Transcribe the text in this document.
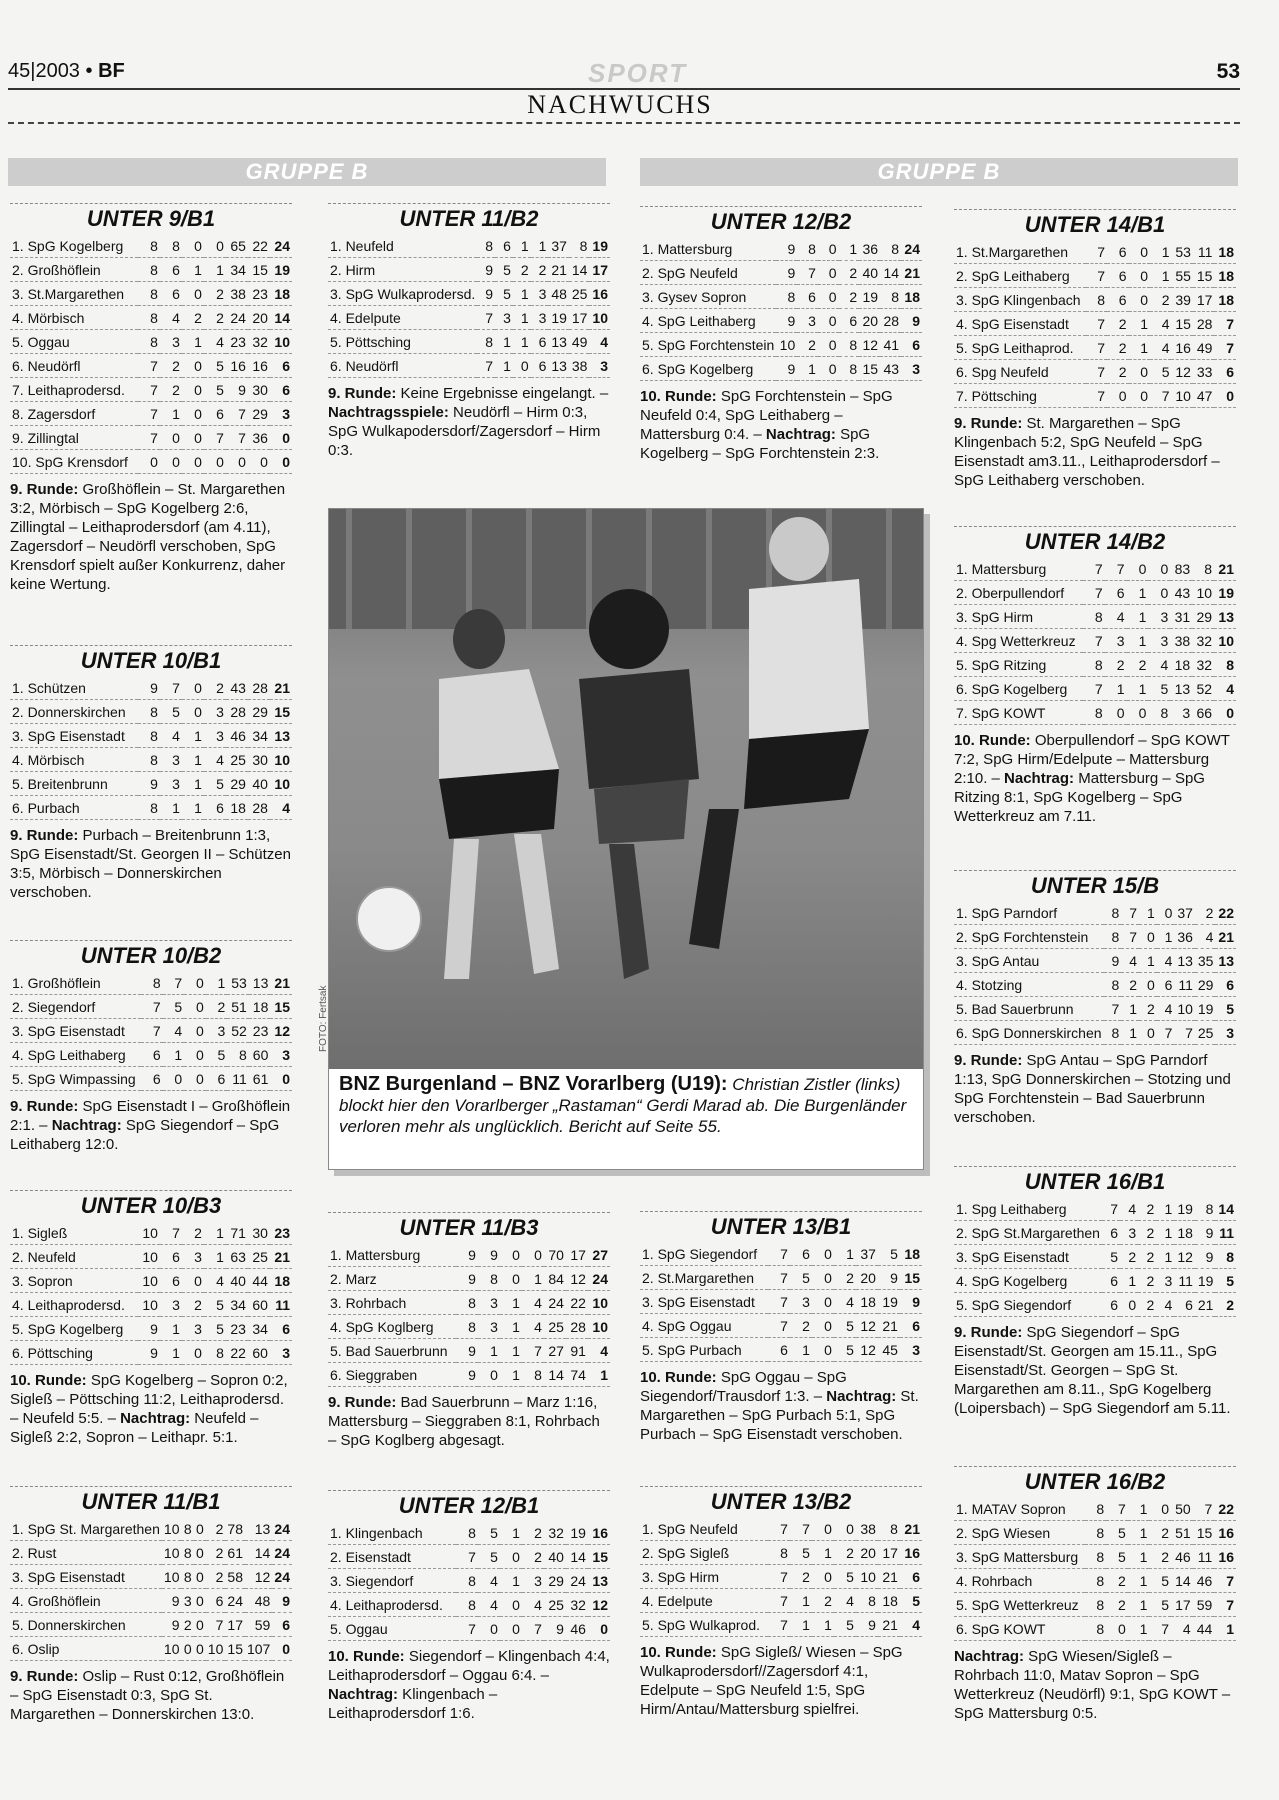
45|2003 • BF	SPORT	53
NACHWUCHS
GRUPPE B	GRUPPE B
UNTER 9/B1
1. SpG Kogelberg	8	8	0	0	65	22	24
2. Großhöflein	8	6	1	1	34	15	19
3. St.Margarethen	8	6	0	2	38	23	18
4. Mörbisch	8	4	2	2	24	20	14
5. Oggau	8	3	1	4	23	32	10
6. Neudörfl	7	2	0	5	16	16	6
7. Leithaprodersd.	7	2	0	5	9	30	6
8. Zagersdorf	7	1	0	6	7	29	3
9. Zillingtal	7	0	0	7	7	36	0
10. SpG Krensdorf	0	0	0	0	0	0	0
9. Runde: Großhöflein – St. Margarethen 3:2, Mörbisch – SpG Kogelberg 2:6, Zillingtal – Leithaprodersdorf (am 4.11), Zagersdorf – Neudörfl verschoben, SpG Krensdorf spielt außer Konkurrenz, daher keine Wertung.
UNTER 10/B1
1. Schützen	9	7	0	2	43	28	21
2. Donnerskirchen	8	5	0	3	28	29	15
3. SpG Eisenstadt	8	4	1	3	46	34	13
4. Mörbisch	8	3	1	4	25	30	10
5. Breitenbrunn	9	3	1	5	29	40	10
6. Purbach	8	1	1	6	18	28	4
9. Runde: Purbach – Breitenbrunn 1:3, SpG Eisenstadt/St. Georgen II – Schützen 3:5, Mörbisch – Donnerskirchen verschoben.
UNTER 10/B2
1. Großhöflein	8	7	0	1	53	13	21
2. Siegendorf	7	5	0	2	51	18	15
3. SpG Eisenstadt	7	4	0	3	52	23	12
4. SpG Leithaberg	6	1	0	5	8	60	3
5. SpG Wimpassing	6	0	0	6	11	61	0
9. Runde: SpG Eisenstadt I – Großhöflein 2:1. – Nachtrag: SpG Siegendorf – SpG Leithaberg 12:0.
UNTER 10/B3
1. Sigleß	10	7	2	1	71	30	23
2. Neufeld	10	6	3	1	63	25	21
3. Sopron	10	6	0	4	40	44	18
4. Leithaprodersd.	10	3	2	5	34	60	11
5. SpG Kogelberg	9	1	3	5	23	34	6
6. Pöttsching	9	1	0	8	22	60	3
10. Runde: SpG Kogelberg – Sopron 0:2, Sigleß – Pöttsching 11:2, Leithaprodersd. – Neufeld 5:5. – Nachtrag: Neufeld – Sigleß 2:2, Sopron – Leithapr. 5:1.
UNTER 11/B1
1. SpG St. Margarethen	10	8	0	2	78	13	24
2. Rust	10	8	0	2	61	14	24
3. SpG Eisenstadt	10	8	0	2	58	12	24
4. Großhöflein	9	3	0	6	24	48	9
5. Donnerskirchen	9	2	0	7	17	59	6
6. Oslip	10	0	0	10	15	107	0
9. Runde: Oslip – Rust 0:12, Großhöflein – SpG Eisenstadt 0:3, SpG St. Margarethen – Donnerskirchen 13:0.
UNTER 11/B2
1. Neufeld	8	6	1	1	37	8	19
2. Hirm	9	5	2	2	21	14	17
3. SpG Wulkaprodersd.	9	5	1	3	48	25	16
4. Edelpute	7	3	1	3	19	17	10
5. Pöttsching	8	1	1	6	13	49	4
6. Neudörfl	7	1	0	6	13	38	3
9. Runde: Keine Ergebnisse eingelangt. – Nachtragsspiele: Neudörfl – Hirm 0:3, SpG Wulkapodersdorf/Zagersdorf – Hirm 0:3.
UNTER 11/B3
1. Mattersburg	9	9	0	0	70	17	27
2. Marz	9	8	0	1	84	12	24
3. Rohrbach	8	3	1	4	24	22	10
4. SpG Koglberg	8	3	1	4	25	28	10
5. Bad Sauerbrunn	9	1	1	7	27	91	4
6. Sieggraben	9	0	1	8	14	74	1
9. Runde: Bad Sauerbrunn – Marz 1:16, Mattersburg – Sieggraben 8:1, Rohrbach – SpG Koglberg abgesagt.
UNTER 12/B1
1. Klingenbach	8	5	1	2	32	19	16
2. Eisenstadt	7	5	0	2	40	14	15
3. Siegendorf	8	4	1	3	29	24	13
4. Leithaprodersd.	8	4	0	4	25	32	12
5. Oggau	7	0	0	7	9	46	0
10. Runde: Siegendorf – Klingenbach 4:4, Leithaprodersdorf – Oggau 6:4. – Nachtrag: Klingenbach – Leithaprodersdorf 1:6.
UNTER 12/B2
1. Mattersburg	9	8	0	1	36	8	24
2. SpG Neufeld	9	7	0	2	40	14	21
3. Gysev Sopron	8	6	0	2	19	8	18
4. SpG Leithaberg	9	3	0	6	20	28	9
5. SpG Forchtenstein	10	2	0	8	12	41	6
6. SpG Kogelberg	9	1	0	8	15	43	3
10. Runde: SpG Forchtenstein – SpG Neufeld 0:4, SpG Leithaberg – Mattersburg 0:4. – Nachtrag: SpG Kogelberg – SpG Forchtenstein 2:3.
UNTER 13/B1
1. SpG Siegendorf	7	6	0	1	37	5	18
2. St.Margarethen	7	5	0	2	20	9	15
3. SpG Eisenstadt	7	3	0	4	18	19	9
4. SpG Oggau	7	2	0	5	12	21	6
5. SpG Purbach	6	1	0	5	12	45	3
10. Runde: SpG Oggau – SpG Siegendorf/Trausdorf 1:3. – Nachtrag: St. Margarethen – SpG Purbach 5:1, SpG Purbach – SpG Eisenstadt verschoben.
UNTER 13/B2
1. SpG Neufeld	7	7	0	0	38	8	21
2. SpG Sigleß	8	5	1	2	20	17	16
3. SpG Hirm	7	2	0	5	10	21	6
4. Edelpute	7	1	2	4	8	18	5
5. SpG Wulkaprod.	7	1	1	5	9	21	4
10. Runde: SpG Sigleß/ Wiesen – SpG Wulkaprodersdorf//Zagersdorf 4:1, Edelpute – SpG Neufeld 1:5, SpG Hirm/Antau/Mattersburg spielfrei.
UNTER 14/B1
1. St.Margarethen	7	6	0	1	53	11	18
2. SpG Leithaberg	7	6	0	1	55	15	18
3. SpG Klingenbach	8	6	0	2	39	17	18
4. SpG Eisenstadt	7	2	1	4	15	28	7
5. SpG Leithaprod.	7	2	1	4	16	49	7
6. Spg Neufeld	7	2	0	5	12	33	6
7. Pöttsching	7	0	0	7	10	47	0
9. Runde: St. Margarethen – SpG Klingenbach 5:2, SpG Neufeld – SpG Eisenstadt am3.11., Leithaprodersdorf – SpG Leithaberg verschoben.
UNTER 14/B2
1. Mattersburg	7	7	0	0	83	8	21
2. Oberpullendorf	7	6	1	0	43	10	19
3. SpG Hirm	8	4	1	3	31	29	13
4. Spg Wetterkreuz	7	3	1	3	38	32	10
5. SpG Ritzing	8	2	2	4	18	32	8
6. SpG Kogelberg	7	1	1	5	13	52	4
7. SpG KOWT	8	0	0	8	3	66	0
10. Runde: Oberpullendorf – SpG KOWT 7:2, SpG Hirm/Edelpute – Mattersburg 2:10. – Nachtrag: Mattersburg – SpG Ritzing 8:1, SpG Kogelberg – SpG Wetterkreuz am 7.11.
UNTER 15/B
1. SpG Parndorf	8	7	1	0	37	2	22
2. SpG Forchtenstein	8	7	0	1	36	4	21
3. SpG Antau	9	4	1	4	13	35	13
4. Stotzing	8	2	0	6	11	29	6
5. Bad Sauerbrunn	7	1	2	4	10	19	5
6. SpG Donnerskirchen	8	1	0	7	7	25	3
9. Runde: SpG Antau – SpG Parndorf 1:13, SpG Donnerskirchen – Stotzing und SpG Forchtenstein – Bad Sauerbrunn verschoben.
UNTER 16/B1
1. Spg Leithaberg	7	4	2	1	19	8	14
2. SpG St.Margarethen	6	3	2	1	18	9	11
3. SpG Eisenstadt	5	2	2	1	12	9	8
4. SpG Kogelberg	6	1	2	3	11	19	5
5. SpG Siegendorf	6	0	2	4	6	21	2
9. Runde: SpG Siegendorf – SpG Eisenstadt/St. Georgen am 15.11., SpG Eisenstadt/St. Georgen – SpG St. Margarethen am 8.11., SpG Kogelberg (Loipersbach) – SpG Siegendorf am 5.11.
UNTER 16/B2
1. MATAV Sopron	8	7	1	0	50	7	22
2. SpG Wiesen	8	5	1	2	51	15	16
3. SpG Mattersburg	8	5	1	2	46	11	16
4. Rohrbach	8	2	1	5	14	46	7
5. SpG Wetterkreuz	8	2	1	5	17	59	7
6. SpG KOWT	8	0	1	7	4	44	1
Nachtrag: SpG Wiesen/Sigleß – Rohrbach 11:0, Matav Sopron – SpG Wetterkreuz (Neudörfl) 9:1, SpG KOWT – SpG Mattersburg 0:5.
BNZ Burgenland – BNZ Vorarlberg (U19): Christian Zistler (links) blockt hier den Vorarlberger „Rastaman“ Gerdi Marad ab. Die Burgenländer verloren mehr als unglücklich. Bericht auf Seite 55.
FOTO: Fertsak
